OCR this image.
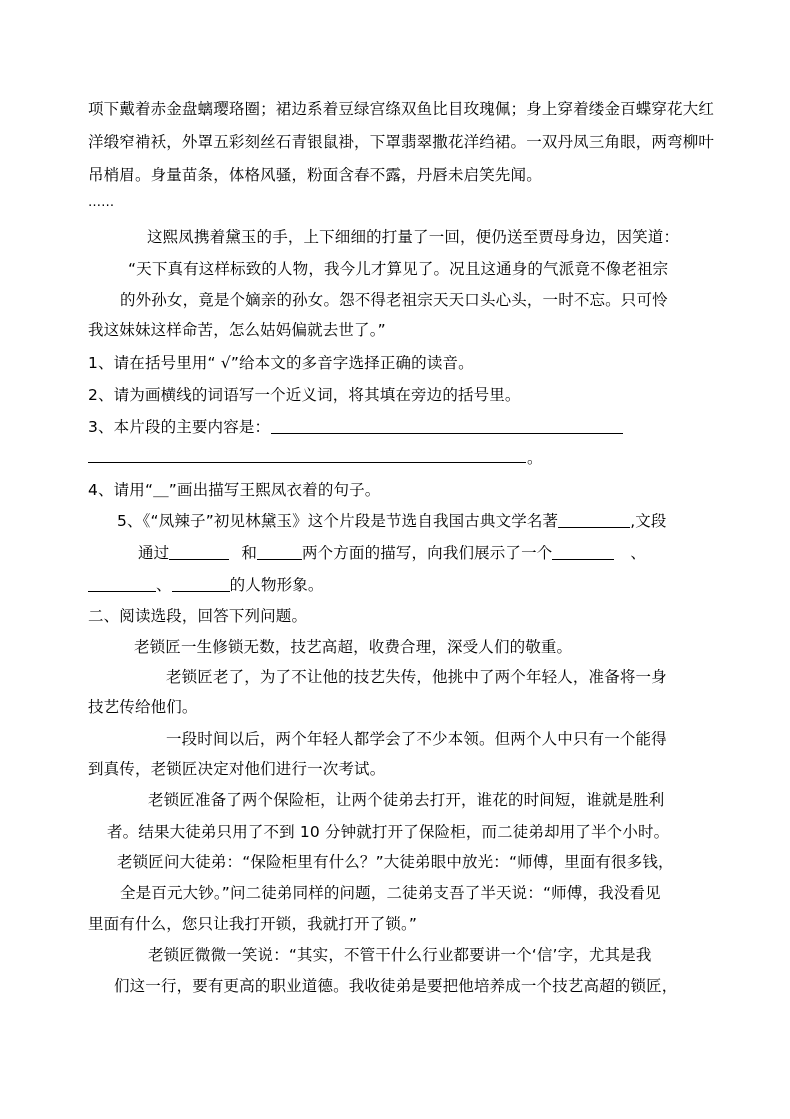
项下戴着赤金盘螭璎珞圈；裙边系着豆绿宫绦双鱼比目玫瑰佩；身上穿着缕金百蝶穿花大红
洋缎窄褃袄，外罩五彩刻丝石青银鼠褂，下罩翡翠撒花洋绉裙。一双丹凤三角眼，两弯柳叶
吊梢眉。身量苗条，体格风骚，粉面含春不露，丹唇未启笑先闻。
……
这熙凤携着黛玉的手，上下细细的打量了一回，便仍送至贾母身边，因笑道：
“天下真有这样标致的人物，我今儿才算见了。况且这通身的气派竟不像老祖宗
的外孙女，竟是个嫡亲的孙女。怨不得老祖宗天天口头心头，一时不忘。只可怜
我这妹妹这样命苦，怎么姑妈偏就去世了。”
1、请在括号里用“ √”给本文的多音字选择正确的读音。
2、请为画横线的词语写一个近义词，将其填在旁边的括号里。
3、本片段的主要内容是：
。
4、请用“＿”画出描写王熙凤衣着的句子。
5、《“凤辣子”初见林黛玉》这个片段是节选自我国古典文学名著	,文段
通过	和	两个方面的描写，向我们展示了一个	、
、	的人物形象。
二、阅读选段，回答下列问题。
老锁匠一生修锁无数，技艺高超，收费合理，深受人们的敬重。
老锁匠老了，为了不让他的技艺失传，他挑中了两个年轻人，准备将一身
技艺传给他们。
一段时间以后，两个年轻人都学会了不少本领。但两个人中只有一个能得
到真传，老锁匠决定对他们进行一次考试。
老锁匠准备了两个保险柜，让两个徒弟去打开，谁花的时间短，谁就是胜利
者。结果大徒弟只用了不到 10 分钟就打开了保险柜，而二徒弟却用了半个小时。
老锁匠问大徒弟：“保险柜里有什么？”大徒弟眼中放光：“师傅，里面有很多钱，
全是百元大钞。”问二徒弟同样的问题，二徒弟支吾了半天说：“师傅，我没看见
里面有什么，您只让我打开锁，我就打开了锁。”
老锁匠微微一笑说：“其实，不管干什么行业都要讲一个‘信’字，尤其是我
们这一行，要有更高的职业道德。我收徒弟是要把他培养成一个技艺高超的锁匠，
